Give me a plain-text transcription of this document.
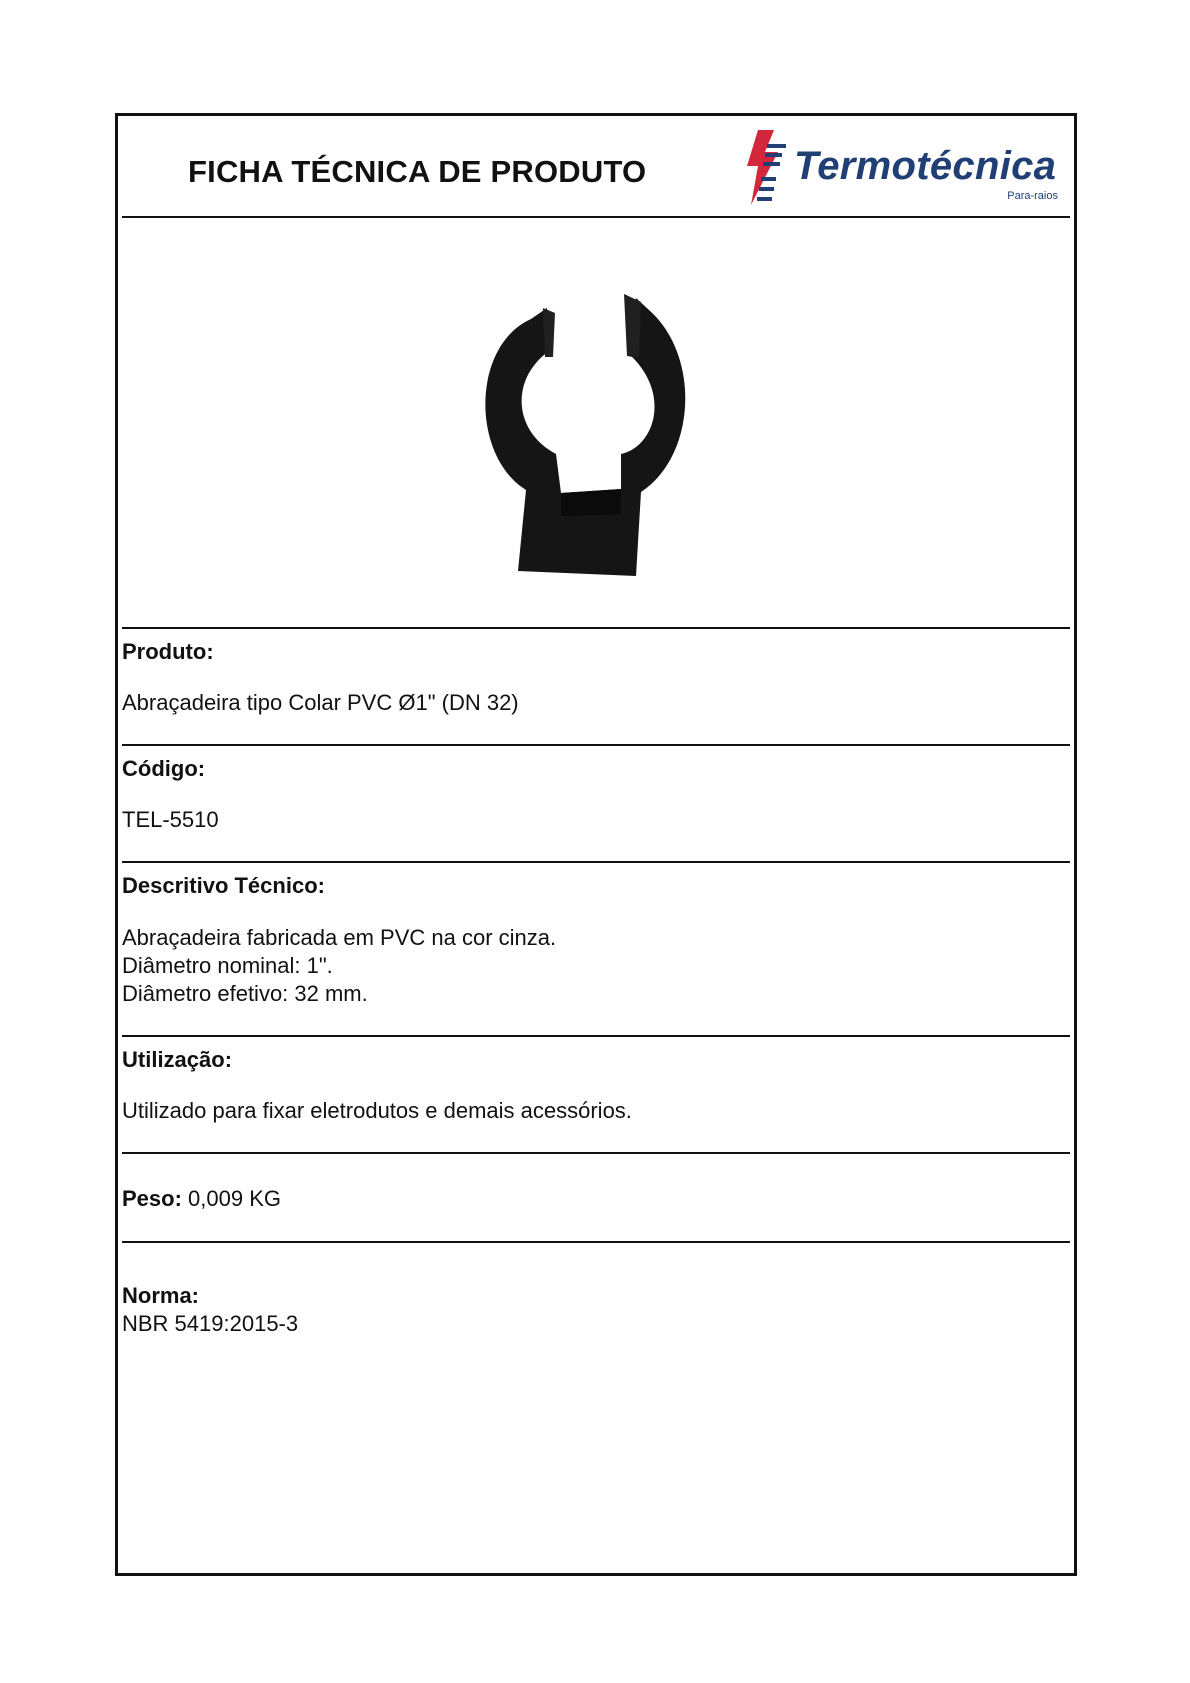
FICHA TÉCNICA DE PRODUTO	Termotécnica
Para-raios
Produto:
Abraçadeira tipo Colar PVC Ø1" (DN 32)
Código:
TEL-5510
Descritivo Técnico:
Abraçadeira fabricada em PVC na cor cinza.
Diâmetro nominal: 1".
Diâmetro efetivo: 32 mm.
Utilização:
Utilizado para fixar eletrodutos e demais acessórios.
Peso: 0,009 KG
Norma:
NBR 5419:2015-3
